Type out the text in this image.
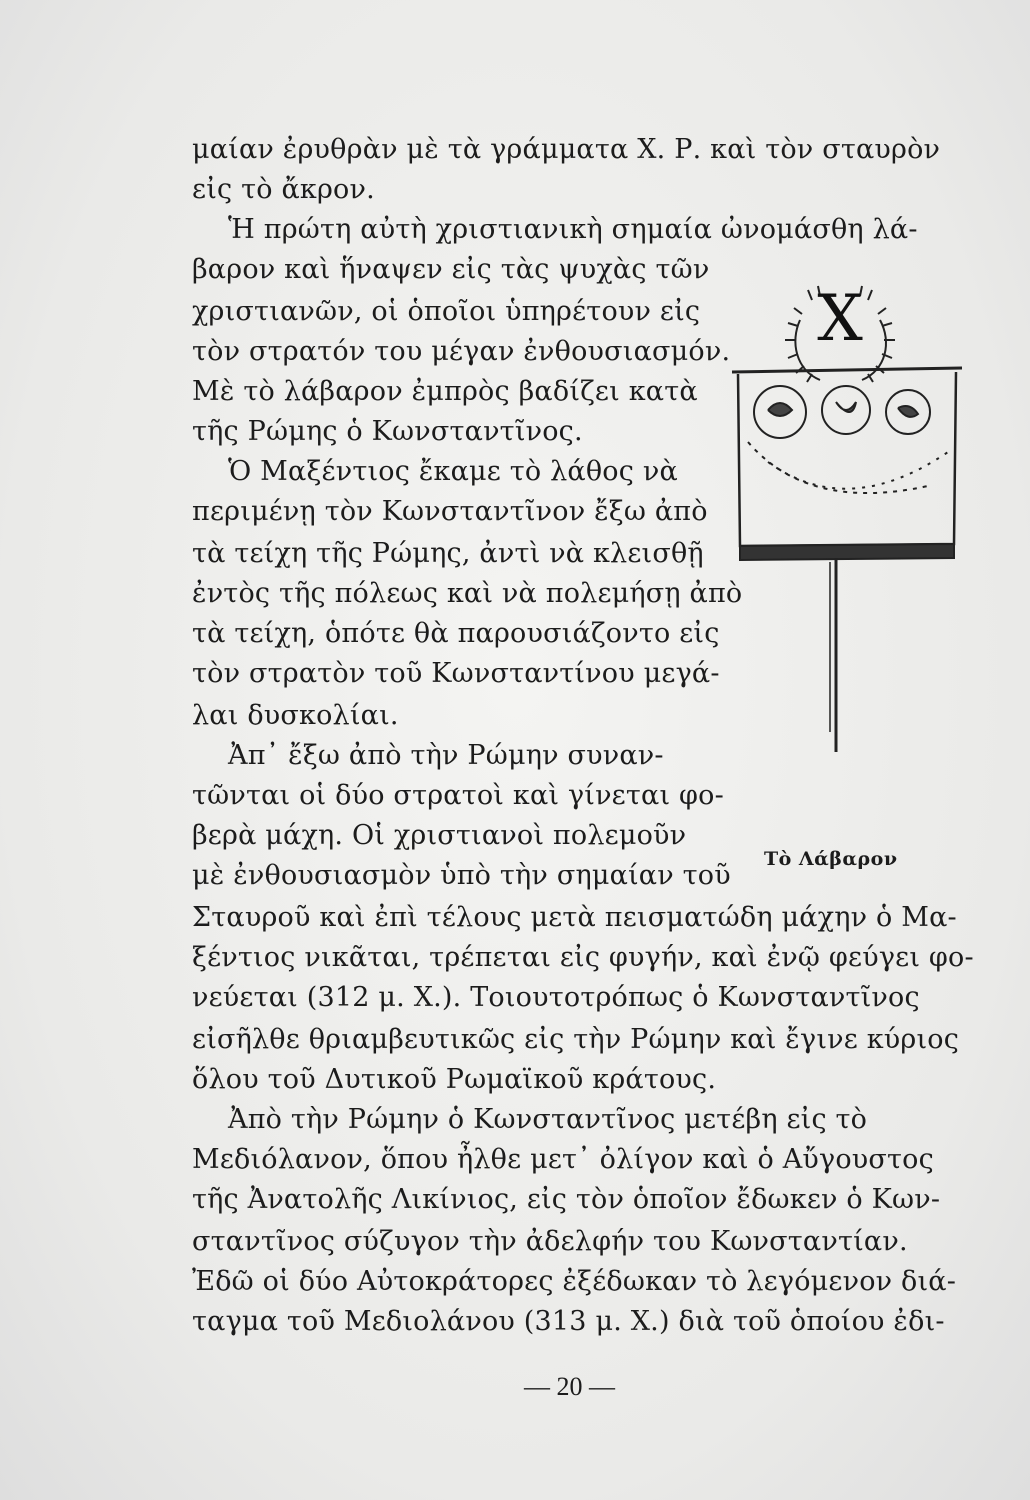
μαίαν ἐρυθρὰν μὲ τὰ γράμματα Χ. Ρ. καὶ τὸν σταυρὸν
εἰς τὸ ἄκρον.
Ἡ πρώτη αὐτὴ χριστιανικὴ σημαία ὠνομάσθη λά-
βαρον καὶ ἥναψεν εἰς τὰς ψυχὰς τῶν
χριστιανῶν, οἱ ὁποῖοι ὑπηρέτουν εἰς
τὸν στρατόν του μέγαν ἐνθουσιασμόν.
Μὲ τὸ λάβαρον ἐμπρὸς βαδίζει κατὰ
τῆς Ρώμης ὁ Κωνσταντῖνος.
Ὁ Μαξέντιος ἔκαμε τὸ λάθος νὰ
περιμένῃ τὸν Κωνσταντῖνον ἔξω ἀπὸ
τὰ τείχη τῆς Ρώμης, ἀντὶ νὰ κλεισθῇ
ἐντὸς τῆς πόλεως καὶ νὰ πολεμήσῃ ἀπὸ
τὰ τείχη, ὁπότε θὰ παρουσιάζοντο εἰς
τὸν στρατὸν τοῦ Κωνσταντίνου μεγά-
λαι δυσκολίαι.
Ἀπ᾿ ἔξω ἀπὸ τὴν Ρώμην συναν-
τῶνται οἱ δύο στρατοὶ καὶ γίνεται φο-
βερὰ μάχη. Οἱ χριστιανοὶ πολεμοῦν
μὲ ἐνθουσιασμὸν ὑπὸ τὴν σημαίαν τοῦ
Σταυροῦ καὶ ἐπὶ τέλους μετὰ πεισματώδη μάχην ὁ Μα-
ξέντιος νικᾶται, τρέπεται εἰς φυγήν, καὶ ἐνῷ φεύγει φο-
νεύεται (312 μ. Χ.). Τοιουτοτρόπως ὁ Κωνσταντῖνος
εἰσῆλθε θριαμβευτικῶς εἰς τὴν Ρώμην καὶ ἔγινε κύριος
ὅλου τοῦ Δυτικοῦ Ρωμαϊκοῦ κράτους.
Ἀπὸ τὴν Ρώμην ὁ Κωνσταντῖνος μετέβη εἰς τὸ
Μεδιόλανον, ὅπου ἦλθε μετ᾿ ὀλίγον καὶ ὁ Αὔγουστος
τῆς Ἀνατολῆς Λικίνιος, εἰς τὸν ὁποῖον ἔδωκεν ὁ Κων-
σταντῖνος σύζυγον τὴν ἀδελφήν του Κωνσταντίαν.
Ἐδῶ οἱ δύο Αὐτοκράτορες ἐξέδωκαν τὸ λεγόμενον διά-
ταγμα τοῦ Μεδιολάνου (313 μ. Χ.) διὰ τοῦ ὁποίου ἐδι-
X
Τὸ Λάβαρον
— 20 —
